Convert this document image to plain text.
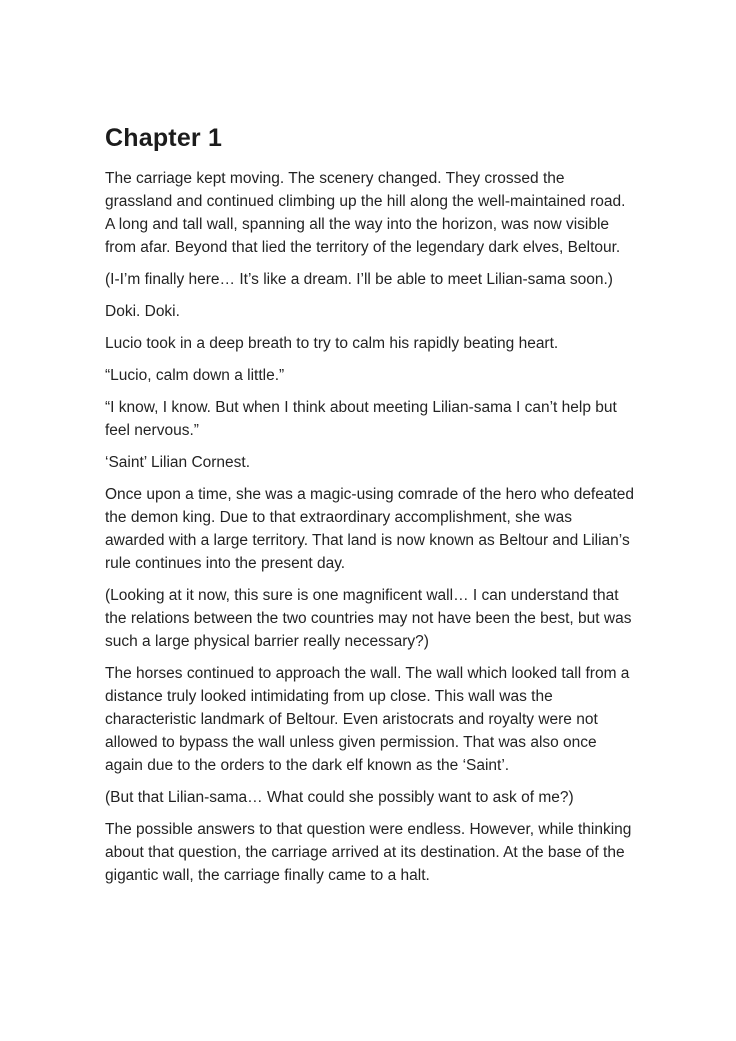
Chapter 1

The carriage kept moving. The scenery changed. They crossed the grassland and continued climbing up the hill along the well-maintained road. A long and tall wall, spanning all the way into the horizon, was now visible from afar. Beyond that lied the territory of the legendary dark elves, Beltour.

(I-I’m finally here… It’s like a dream. I’ll be able to meet Lilian-sama soon.)

Doki. Doki.

Lucio took in a deep breath to try to calm his rapidly beating heart.

“Lucio, calm down a little.”

“I know, I know. But when I think about meeting Lilian-sama I can’t help but feel nervous.”

‘Saint’ Lilian Cornest.

Once upon a time, she was a magic-using comrade of the hero who defeated the demon king. Due to that extraordinary accomplishment, she was awarded with a large territory. That land is now known as Beltour and Lilian’s rule continues into the present day.

(Looking at it now, this sure is one magnificent wall… I can understand that the relations between the two countries may not have been the best, but was such a large physical barrier really necessary?)

The horses continued to approach the wall. The wall which looked tall from a distance truly looked intimidating from up close. This wall was the characteristic landmark of Beltour. Even aristocrats and royalty were not allowed to bypass the wall unless given permission. That was also once again due to the orders to the dark elf known as the ‘Saint’.

(But that Lilian-sama… What could she possibly want to ask of me?)

The possible answers to that question were endless. However, while thinking about that question, the carriage arrived at its destination. At the base of the gigantic wall, the carriage finally came to a halt.
